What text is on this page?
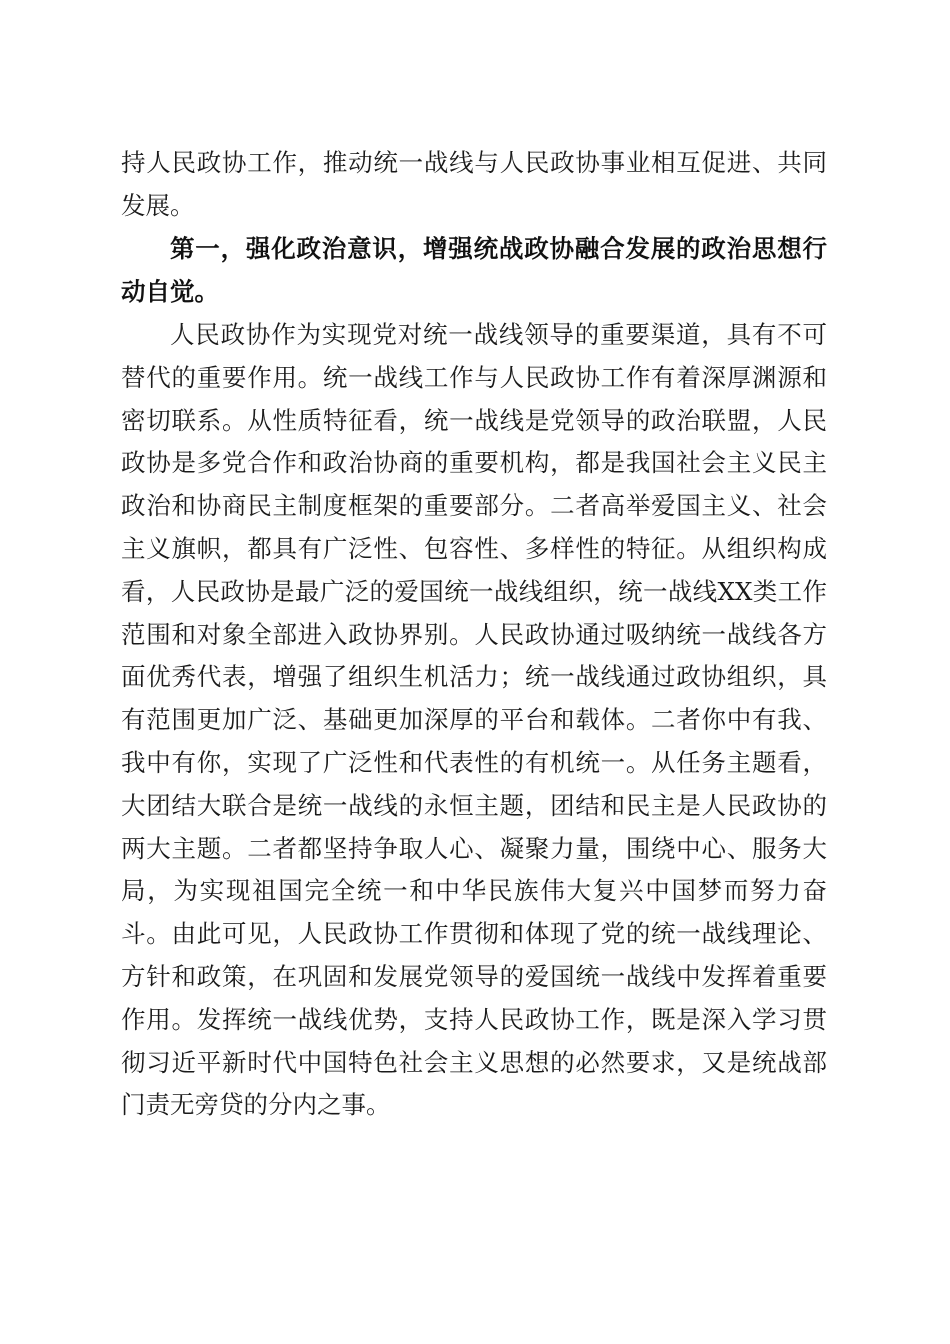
持人民政协工作，推动统一战线与人民政协事业相互促进、共同发展。

第一，强化政治意识，增强统战政协融合发展的政治思想行动自觉。

人民政协作为实现党对统一战线领导的重要渠道，具有不可替代的重要作用。统一战线工作与人民政协工作有着深厚渊源和密切联系。从性质特征看，统一战线是党领导的政治联盟，人民政协是多党合作和政治协商的重要机构，都是我国社会主义民主政治和协商民主制度框架的重要部分。二者高举爱国主义、社会主义旗帜，都具有广泛性、包容性、多样性的特征。从组织构成看，人民政协是最广泛的爱国统一战线组织，统一战线XX类工作范围和对象全部进入政协界别。人民政协通过吸纳统一战线各方面优秀代表，增强了组织生机活力；统一战线通过政协组织，具有范围更加广泛、基础更加深厚的平台和载体。二者你中有我、我中有你，实现了广泛性和代表性的有机统一。从任务主题看，大团结大联合是统一战线的永恒主题，团结和民主是人民政协的两大主题。二者都坚持争取人心、凝聚力量，围绕中心、服务大局，为实现祖国完全统一和中华民族伟大复兴中国梦而努力奋斗。由此可见，人民政协工作贯彻和体现了党的统一战线理论、方针和政策，在巩固和发展党领导的爱国统一战线中发挥着重要作用。发挥统一战线优势，支持人民政协工作，既是深入学习贯彻习近平新时代中国特色社会主义思想的必然要求，又是统战部门责无旁贷的分内之事。
